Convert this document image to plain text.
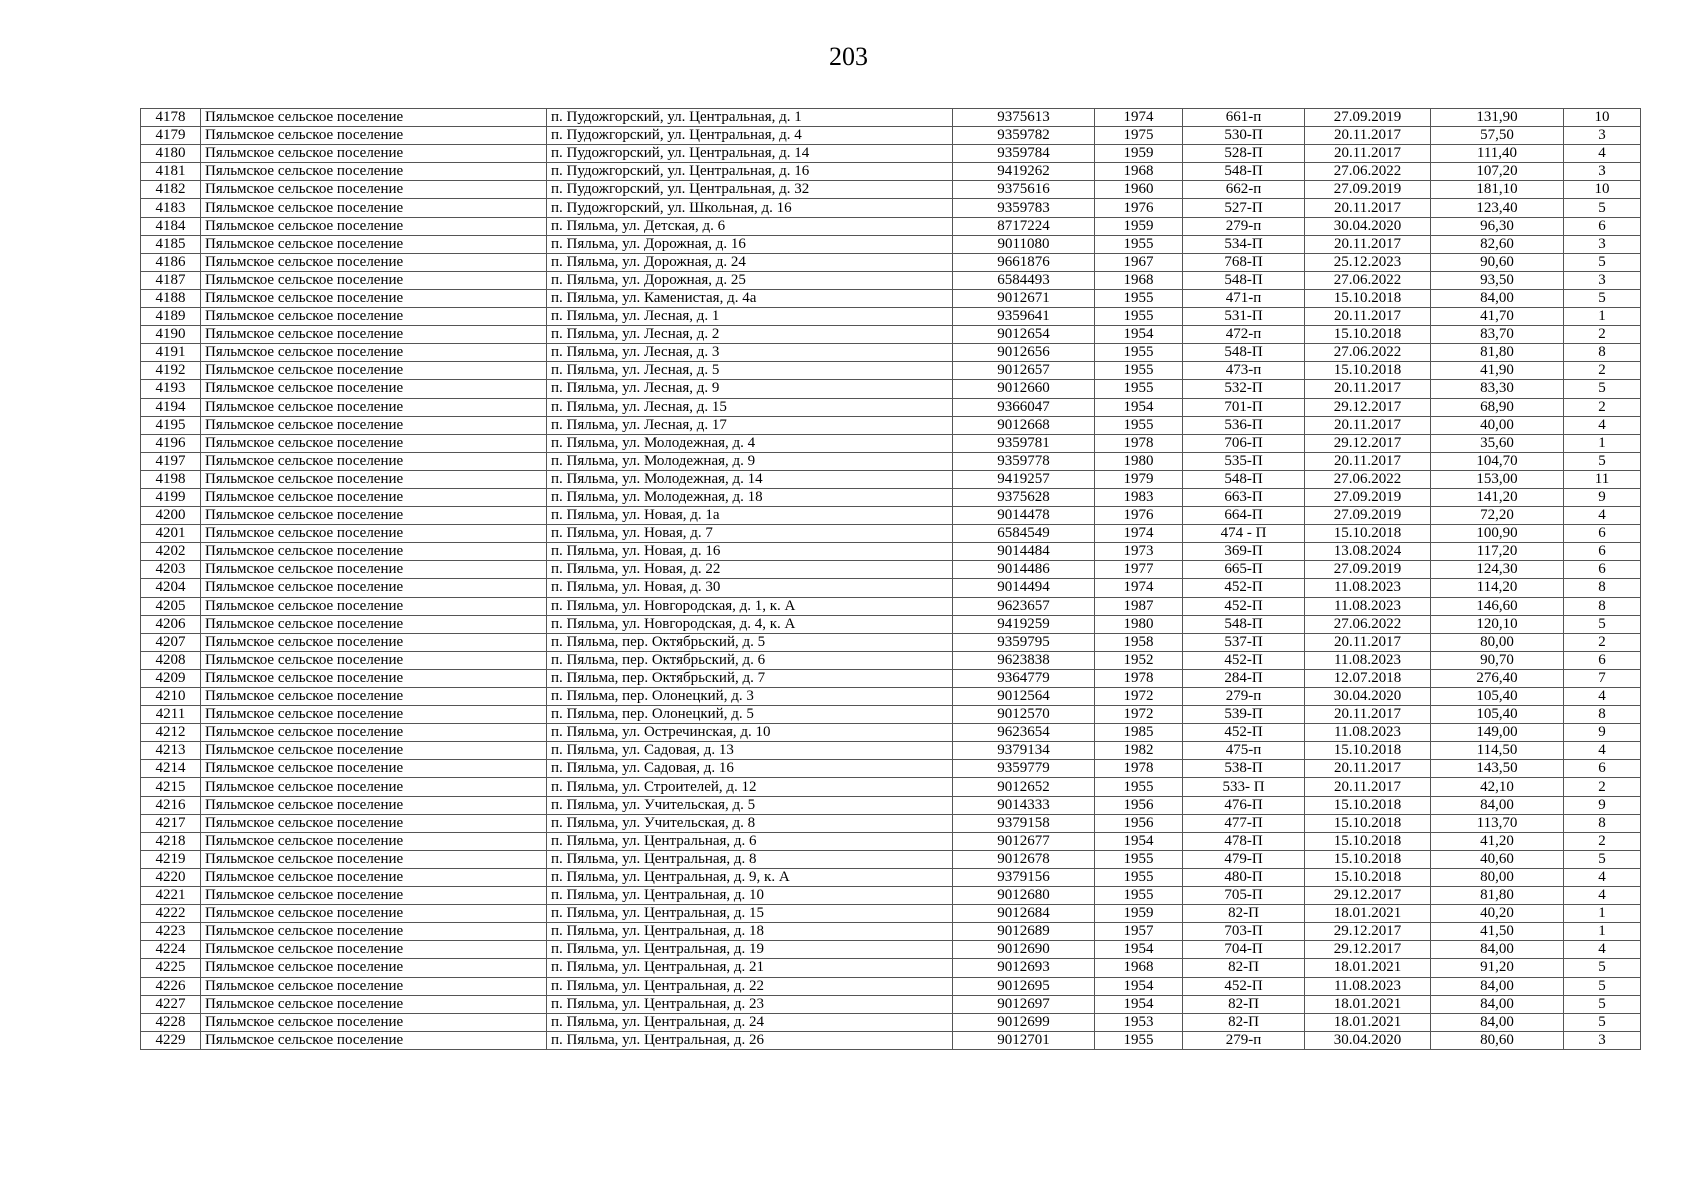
203
4178	Пяльмское сельское поселение	п. Пудожгорский, ул. Центральная, д. 1	9375613	1974	661-п	27.09.2019	131,90	10
4179	Пяльмское сельское поселение	п. Пудожгорский, ул. Центральная, д. 4	9359782	1975	530-П	20.11.2017	57,50	3
4180	Пяльмское сельское поселение	п. Пудожгорский, ул. Центральная, д. 14	9359784	1959	528-П	20.11.2017	111,40	4
4181	Пяльмское сельское поселение	п. Пудожгорский, ул. Центральная, д. 16	9419262	1968	548-П	27.06.2022	107,20	3
4182	Пяльмское сельское поселение	п. Пудожгорский, ул. Центральная, д. 32	9375616	1960	662-п	27.09.2019	181,10	10
4183	Пяльмское сельское поселение	п. Пудожгорский, ул. Школьная, д. 16	9359783	1976	527-П	20.11.2017	123,40	5
4184	Пяльмское сельское поселение	п. Пяльма, ул. Детская, д. 6	8717224	1959	279-п	30.04.2020	96,30	6
4185	Пяльмское сельское поселение	п. Пяльма, ул. Дорожная, д. 16	9011080	1955	534-П	20.11.2017	82,60	3
4186	Пяльмское сельское поселение	п. Пяльма, ул. Дорожная, д. 24	9661876	1967	768-П	25.12.2023	90,60	5
4187	Пяльмское сельское поселение	п. Пяльма, ул. Дорожная, д. 25	6584493	1968	548-П	27.06.2022	93,50	3
4188	Пяльмское сельское поселение	п. Пяльма, ул. Каменистая, д. 4а	9012671	1955	471-п	15.10.2018	84,00	5
4189	Пяльмское сельское поселение	п. Пяльма, ул. Лесная, д. 1	9359641	1955	531-П	20.11.2017	41,70	1
4190	Пяльмское сельское поселение	п. Пяльма, ул. Лесная, д. 2	9012654	1954	472-п	15.10.2018	83,70	2
4191	Пяльмское сельское поселение	п. Пяльма, ул. Лесная, д. 3	9012656	1955	548-П	27.06.2022	81,80	8
4192	Пяльмское сельское поселение	п. Пяльма, ул. Лесная, д. 5	9012657	1955	473-п	15.10.2018	41,90	2
4193	Пяльмское сельское поселение	п. Пяльма, ул. Лесная, д. 9	9012660	1955	532-П	20.11.2017	83,30	5
4194	Пяльмское сельское поселение	п. Пяльма, ул. Лесная, д. 15	9366047	1954	701-П	29.12.2017	68,90	2
4195	Пяльмское сельское поселение	п. Пяльма, ул. Лесная, д. 17	9012668	1955	536-П	20.11.2017	40,00	4
4196	Пяльмское сельское поселение	п. Пяльма, ул. Молодежная, д. 4	9359781	1978	706-П	29.12.2017	35,60	1
4197	Пяльмское сельское поселение	п. Пяльма, ул. Молодежная, д. 9	9359778	1980	535-П	20.11.2017	104,70	5
4198	Пяльмское сельское поселение	п. Пяльма, ул. Молодежная, д. 14	9419257	1979	548-П	27.06.2022	153,00	11
4199	Пяльмское сельское поселение	п. Пяльма, ул. Молодежная, д. 18	9375628	1983	663-П	27.09.2019	141,20	9
4200	Пяльмское сельское поселение	п. Пяльма, ул. Новая, д. 1а	9014478	1976	664-П	27.09.2019	72,20	4
4201	Пяльмское сельское поселение	п. Пяльма, ул. Новая, д. 7	6584549	1974	474 - П	15.10.2018	100,90	6
4202	Пяльмское сельское поселение	п. Пяльма, ул. Новая, д. 16	9014484	1973	369-П	13.08.2024	117,20	6
4203	Пяльмское сельское поселение	п. Пяльма, ул. Новая, д. 22	9014486	1977	665-П	27.09.2019	124,30	6
4204	Пяльмское сельское поселение	п. Пяльма, ул. Новая, д. 30	9014494	1974	452-П	11.08.2023	114,20	8
4205	Пяльмское сельское поселение	п. Пяльма, ул. Новгородская, д. 1, к. А	9623657	1987	452-П	11.08.2023	146,60	8
4206	Пяльмское сельское поселение	п. Пяльма, ул. Новгородская, д. 4, к. А	9419259	1980	548-П	27.06.2022	120,10	5
4207	Пяльмское сельское поселение	п. Пяльма, пер. Октябрьский, д. 5	9359795	1958	537-П	20.11.2017	80,00	2
4208	Пяльмское сельское поселение	п. Пяльма, пер. Октябрьский, д. 6	9623838	1952	452-П	11.08.2023	90,70	6
4209	Пяльмское сельское поселение	п. Пяльма, пер. Октябрьский, д. 7	9364779	1978	284-П	12.07.2018	276,40	7
4210	Пяльмское сельское поселение	п. Пяльма, пер. Олонецкий, д. 3	9012564	1972	279-п	30.04.2020	105,40	4
4211	Пяльмское сельское поселение	п. Пяльма, пер. Олонецкий, д. 5	9012570	1972	539-П	20.11.2017	105,40	8
4212	Пяльмское сельское поселение	п. Пяльма, ул. Остречинская, д. 10	9623654	1985	452-П	11.08.2023	149,00	9
4213	Пяльмское сельское поселение	п. Пяльма, ул. Садовая, д. 13	9379134	1982	475-п	15.10.2018	114,50	4
4214	Пяльмское сельское поселение	п. Пяльма, ул. Садовая, д. 16	9359779	1978	538-П	20.11.2017	143,50	6
4215	Пяльмское сельское поселение	п. Пяльма, ул. Строителей, д. 12	9012652	1955	533- П	20.11.2017	42,10	2
4216	Пяльмское сельское поселение	п. Пяльма, ул. Учительская, д. 5	9014333	1956	476-П	15.10.2018	84,00	9
4217	Пяльмское сельское поселение	п. Пяльма, ул. Учительская, д. 8	9379158	1956	477-П	15.10.2018	113,70	8
4218	Пяльмское сельское поселение	п. Пяльма, ул. Центральная, д. 6	9012677	1954	478-П	15.10.2018	41,20	2
4219	Пяльмское сельское поселение	п. Пяльма, ул. Центральная, д. 8	9012678	1955	479-П	15.10.2018	40,60	5
4220	Пяльмское сельское поселение	п. Пяльма, ул. Центральная, д. 9, к. А	9379156	1955	480-П	15.10.2018	80,00	4
4221	Пяльмское сельское поселение	п. Пяльма, ул. Центральная, д. 10	9012680	1955	705-П	29.12.2017	81,80	4
4222	Пяльмское сельское поселение	п. Пяльма, ул. Центральная, д. 15	9012684	1959	82-П	18.01.2021	40,20	1
4223	Пяльмское сельское поселение	п. Пяльма, ул. Центральная, д. 18	9012689	1957	703-П	29.12.2017	41,50	1
4224	Пяльмское сельское поселение	п. Пяльма, ул. Центральная, д. 19	9012690	1954	704-П	29.12.2017	84,00	4
4225	Пяльмское сельское поселение	п. Пяльма, ул. Центральная, д. 21	9012693	1968	82-П	18.01.2021	91,20	5
4226	Пяльмское сельское поселение	п. Пяльма, ул. Центральная, д. 22	9012695	1954	452-П	11.08.2023	84,00	5
4227	Пяльмское сельское поселение	п. Пяльма, ул. Центральная, д. 23	9012697	1954	82-П	18.01.2021	84,00	5
4228	Пяльмское сельское поселение	п. Пяльма, ул. Центральная, д. 24	9012699	1953	82-П	18.01.2021	84,00	5
4229	Пяльмское сельское поселение	п. Пяльма, ул. Центральная, д. 26	9012701	1955	279-п	30.04.2020	80,60	3
